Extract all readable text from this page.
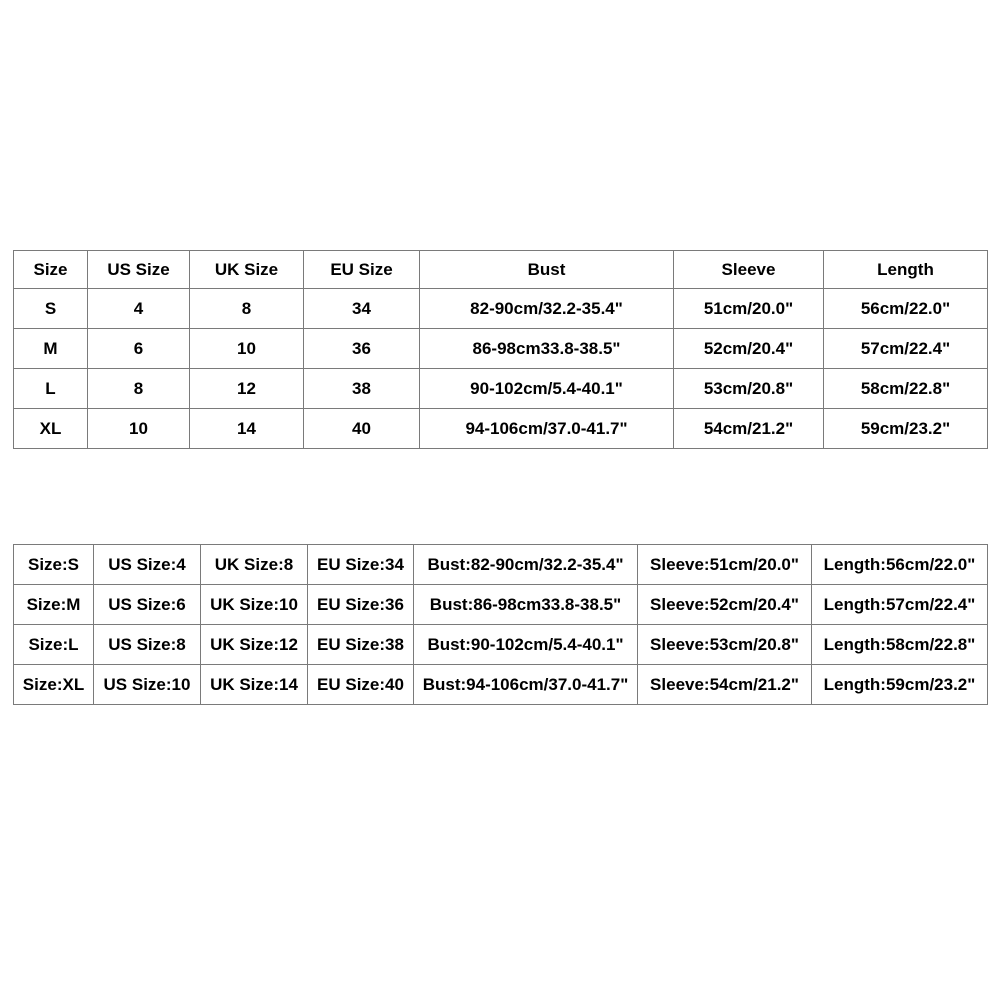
Size	US Size	UK Size	EU Size	Bust	Sleeve	Length
S	4	8	34	82-90cm/32.2-35.4"	51cm/20.0"	56cm/22.0"
M	6	10	36	86-98cm33.8-38.5"	52cm/20.4"	57cm/22.4"
L	8	12	38	90-102cm/5.4-40.1"	53cm/20.8"	58cm/22.8"
XL	10	14	40	94-106cm/37.0-41.7"	54cm/21.2"	59cm/23.2"
Size:S	US Size:4	UK Size:8	EU Size:34	Bust:82-90cm/32.2-35.4"	Sleeve:51cm/20.0"	Length:56cm/22.0"
Size:M	US Size:6	UK Size:10	EU Size:36	Bust:86-98cm33.8-38.5"	Sleeve:52cm/20.4"	Length:57cm/22.4"
Size:L	US Size:8	UK Size:12	EU Size:38	Bust:90-102cm/5.4-40.1"	Sleeve:53cm/20.8"	Length:58cm/22.8"
Size:XL	US Size:10	UK Size:14	EU Size:40	Bust:94-106cm/37.0-41.7"	Sleeve:54cm/21.2"	Length:59cm/23.2"
